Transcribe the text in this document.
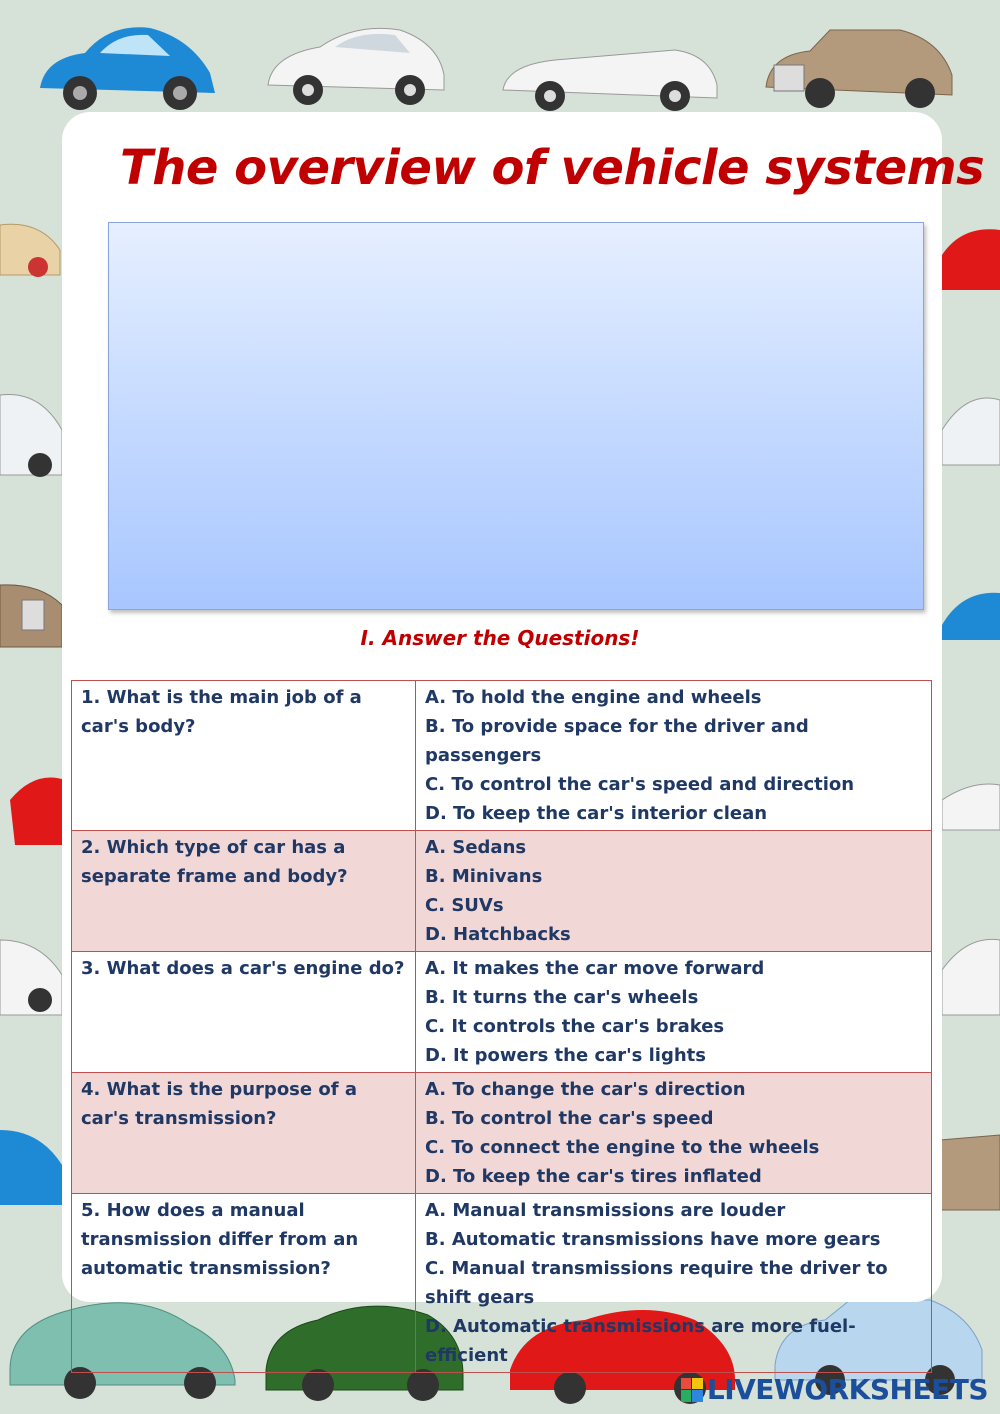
The overview of vehicle systems
I. Answer the Questions!
1. What is the main job of a car's body?	A. To hold the engine and wheels
B. To provide space for the driver and passengers
C. To control the car's speed and direction
D. To keep the car's interior clean

2. Which type of car has a separate frame and body?	A. Sedans
B. Minivans
C. SUVs
D. Hatchbacks

3. What does a car's engine do?	A. It makes the car move forward
B. It turns the car's wheels
C. It controls the car's brakes
D. It powers the car's lights

4. What is the purpose of a car's transmission?	A. To change the car's direction
B. To control the car's speed
C. To connect the engine to the wheels
D. To keep the car's tires inflated

5. How does a manual transmission differ from an automatic transmission?	A. Manual transmissions are louder
B. Automatic transmissions have more gears
C. Manual transmissions require the driver to shift gears
D. Automatic transmissions are more fuel-efficient
LIVEWORKSHEETS
